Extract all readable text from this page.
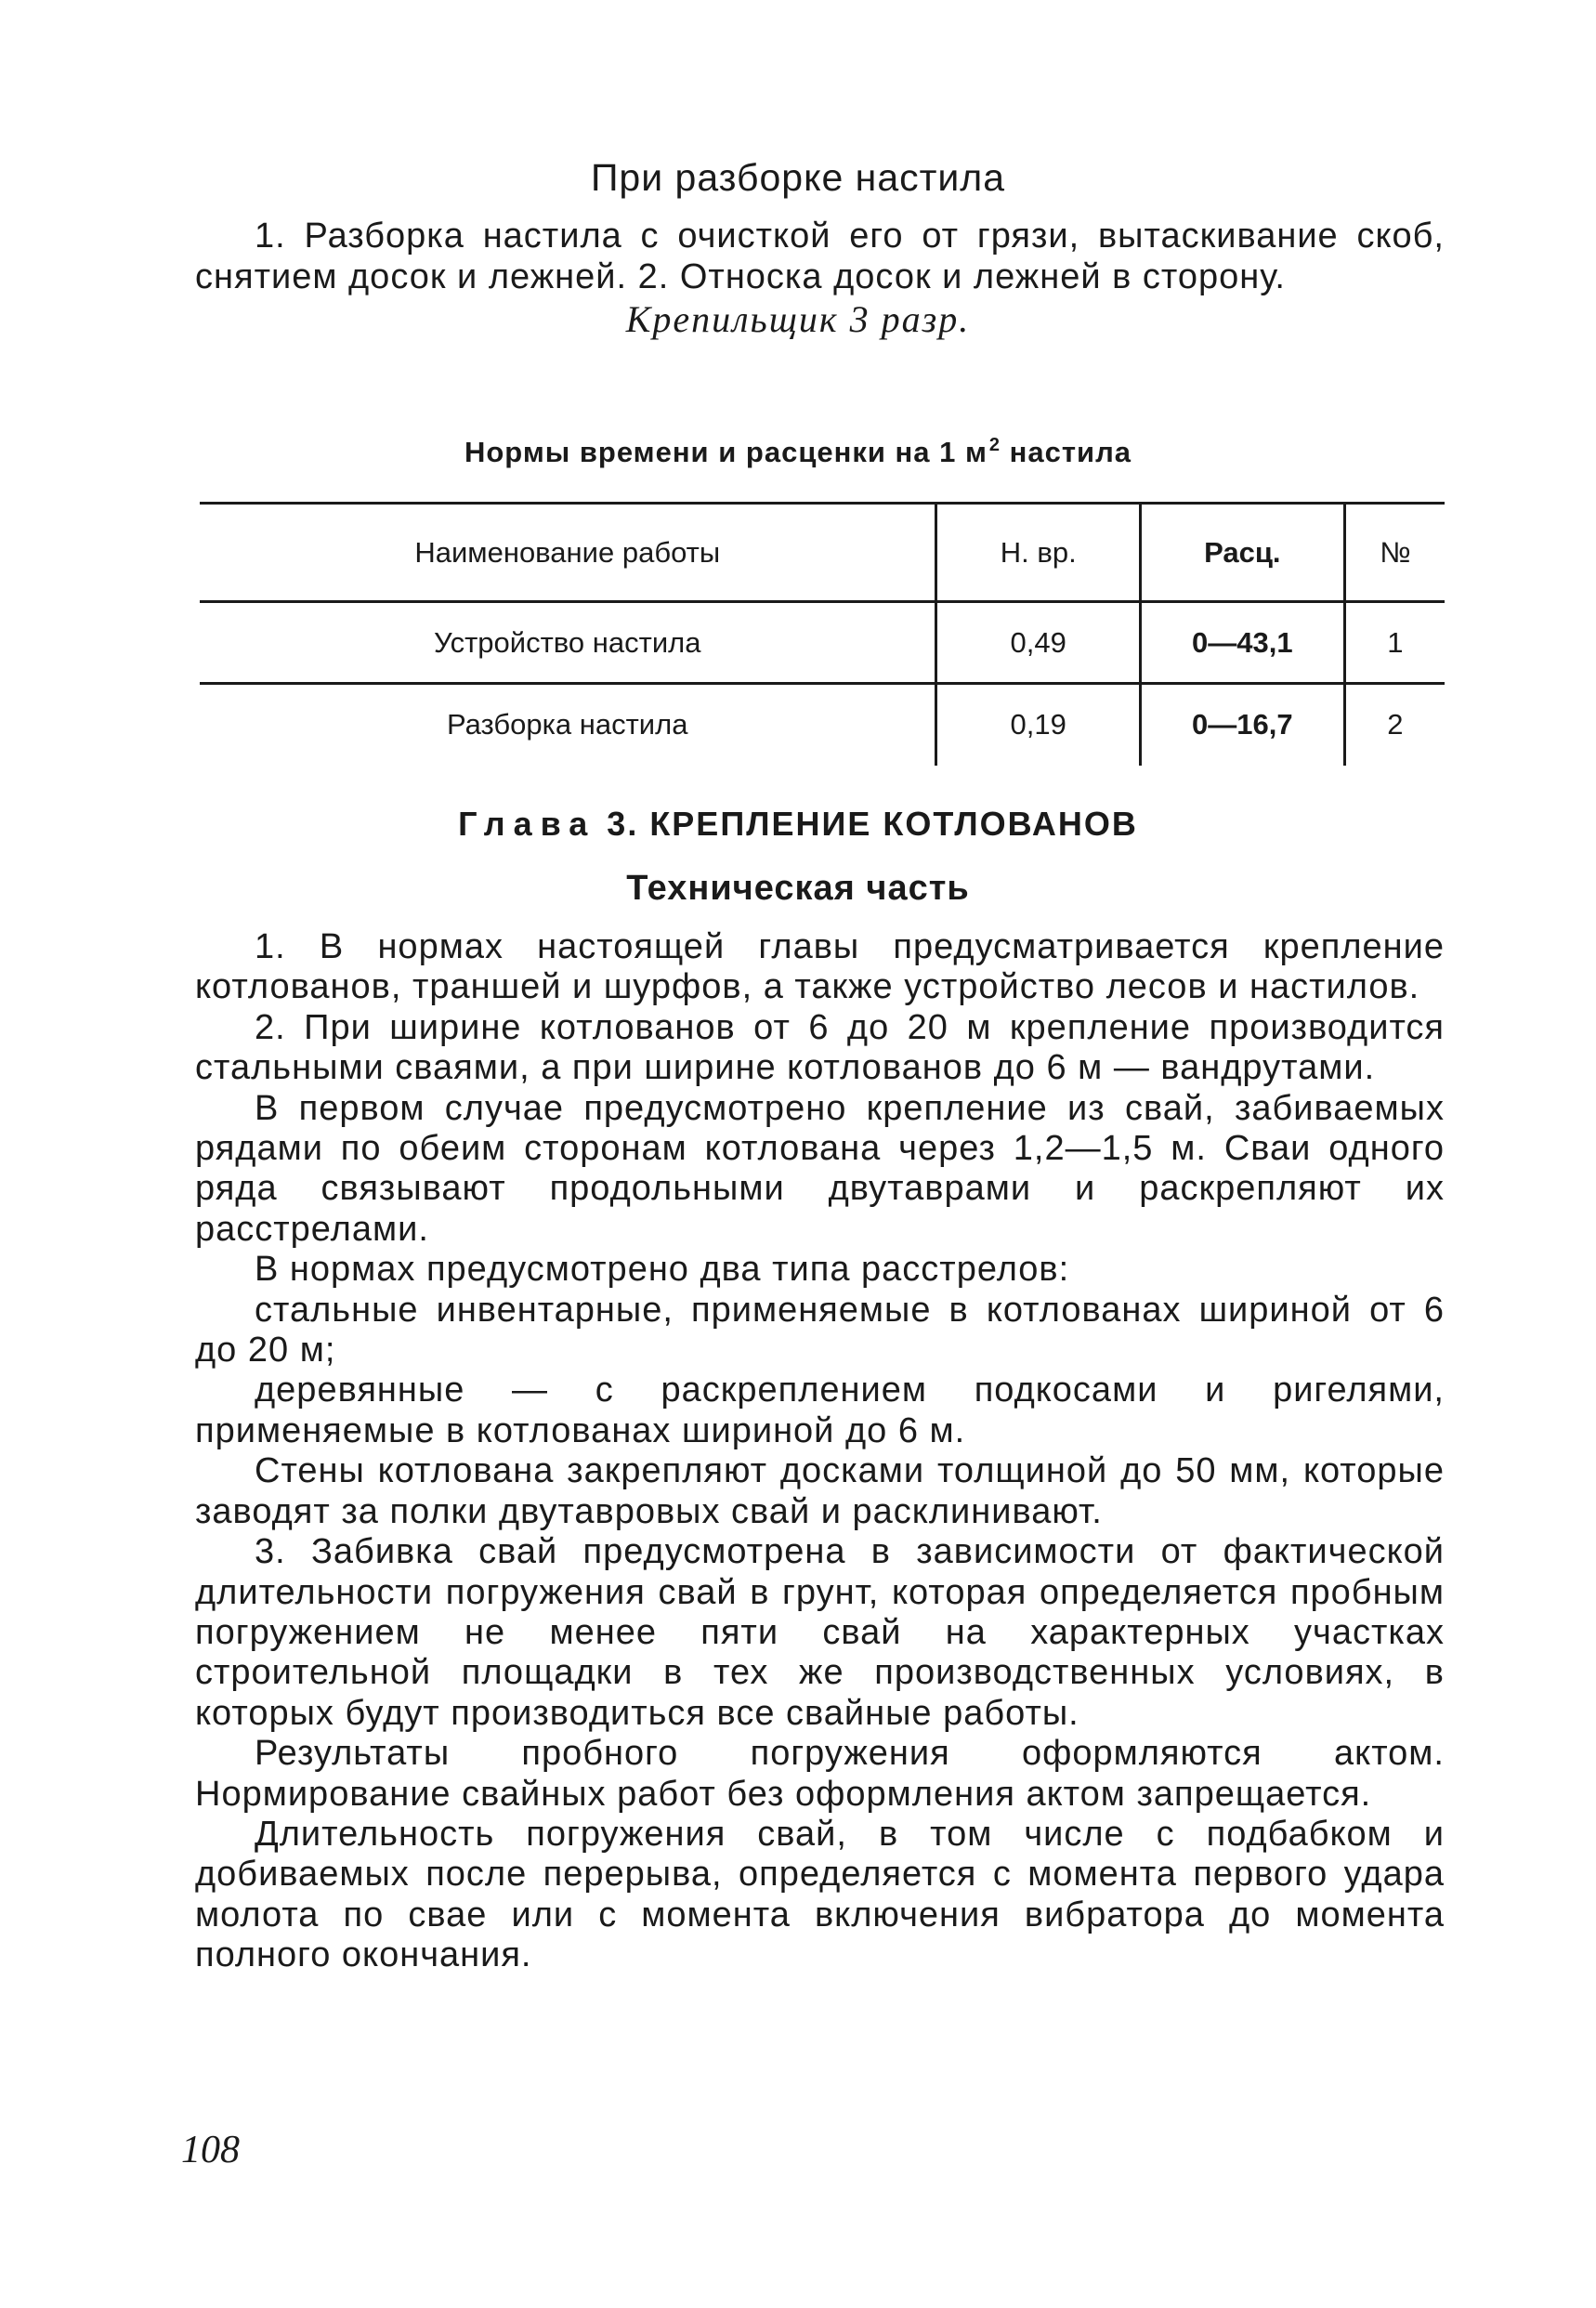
При разборке настила

1. Разборка настила с очисткой его от грязи, вытаскивание скоб, снятием досок и лежней. 2. Относка досок и лежней в сторону.

Крепильщик 3 разр.
Нормы времени и расценки на 1 м $^2$ настила
Наименование работы	Н. вр.	Расц.	№
Устройство настила	0,49	0—43,1	1
Разборка настила	0,19	0—16,7	2
Глава 3. КРЕПЛЕНИЕ КОТЛОВАНОВ
Техническая часть

1. В нормах настоящей главы предусматривается крепление котлованов, траншей и шурфов, а также устройство лесов и настилов.

2. При ширине котлованов от 6 до 20 м крепление производится стальными сваями, а при ширине котлованов до 6 м — вандрутами.

В первом случае предусмотрено крепление из свай, забиваемых рядами по обеим сторонам котлована через 1,2—1,5 м. Сваи одного ряда связывают продольными двутаврами и раскрепляют их расстрелами.

В нормах предусмотрено два типа расстрелов:

стальные инвентарные, применяемые в котлованах шириной от 6 до 20 м;

деревянные — с раскреплением подкосами и ригелями, применяемые в котлованах шириной до 6 м.

Стены котлована закрепляют досками толщиной до 50 мм, которые заводят за полки двутавровых свай и расклинивают.

3. Забивка свай предусмотрена в зависимости от фактической длительности погружения свай в грунт, которая определяется пробным погружением не менее пяти свай на характерных участках строительной площадки в тех же производственных условиях, в которых будут производиться все свайные работы.

Результаты пробного погружения оформляются актом. Нормирование свайных работ без оформления актом запрещается.

Длительность погружения свай, в том числе с подбабком и добиваемых после перерыва, определяется с момента первого удара молота по свае или с момента включения вибратора до момента полного окончания.

108
